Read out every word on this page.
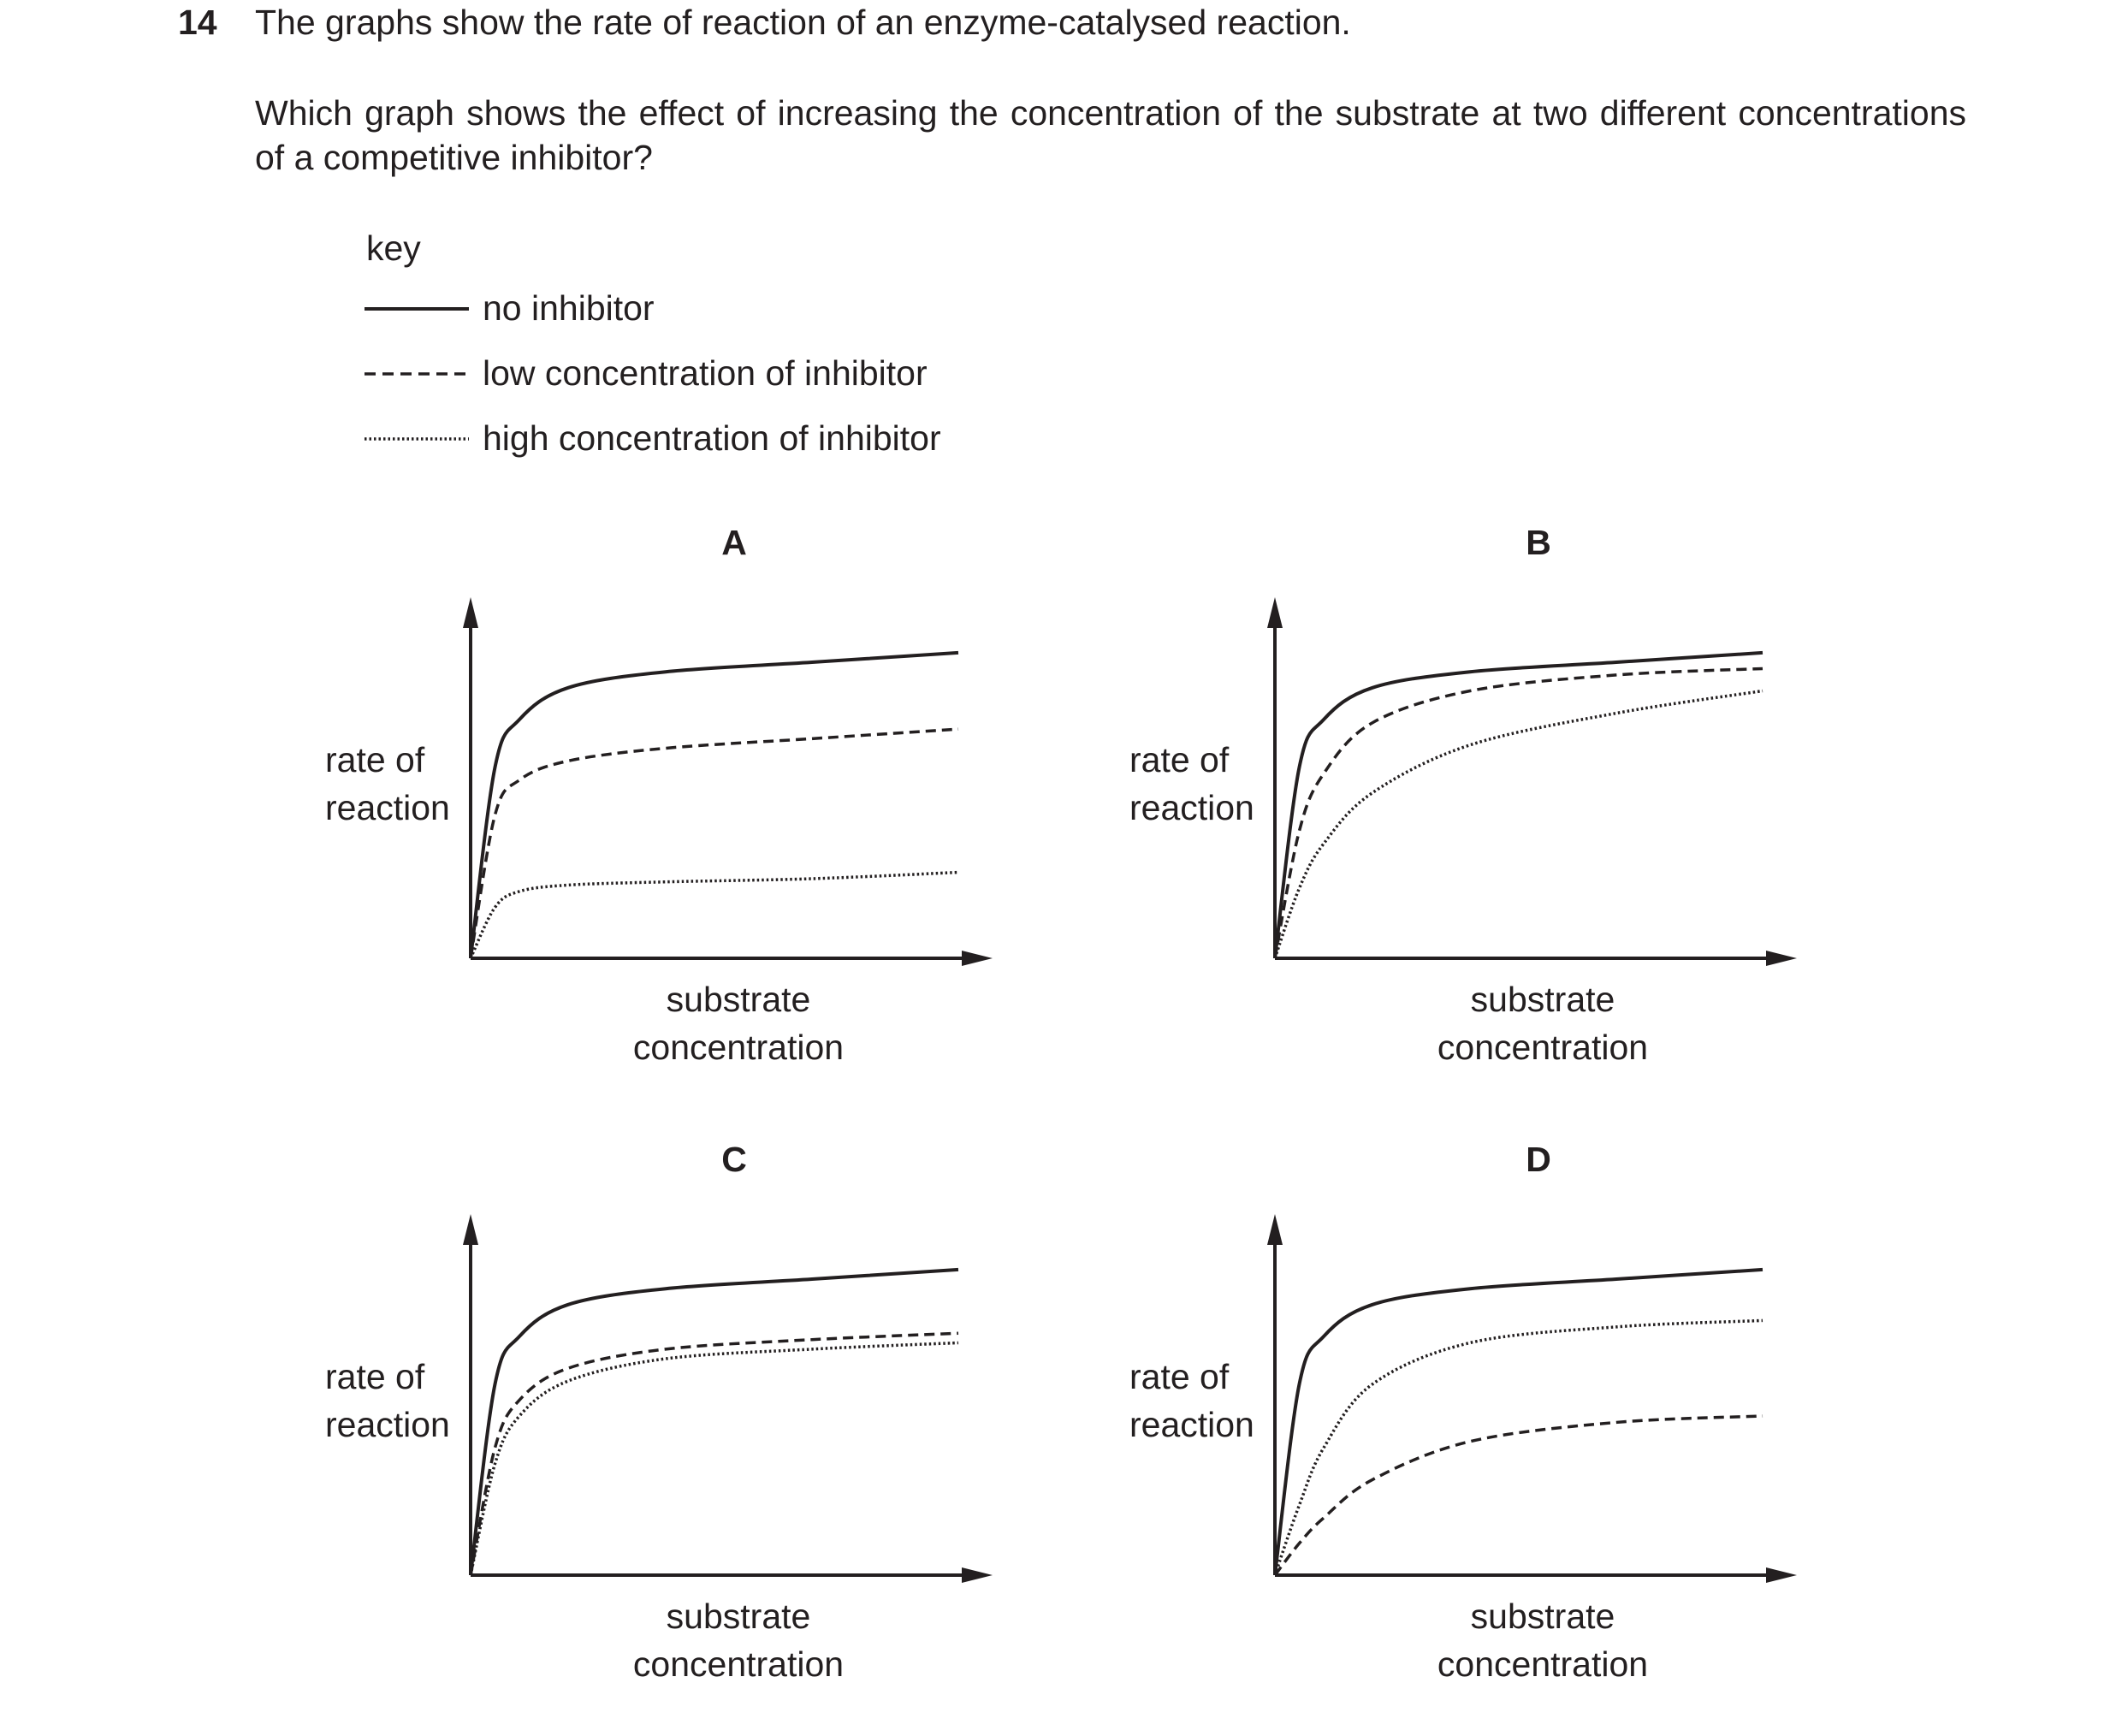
14 The graphs show the rate of reaction of an enzyme-catalysed reaction.
Which graph shows the effect of increasing the concentration of the substrate at two different concentrations of a competitive inhibitor?
key
no inhibitor
low concentration of inhibitor
high concentration of inhibitor
A
rate of
reaction
substrate
concentration
B
rate of
reaction
substrate
concentration
C
rate of
reaction
substrate
concentration
D
rate of
reaction
substrate
concentration
